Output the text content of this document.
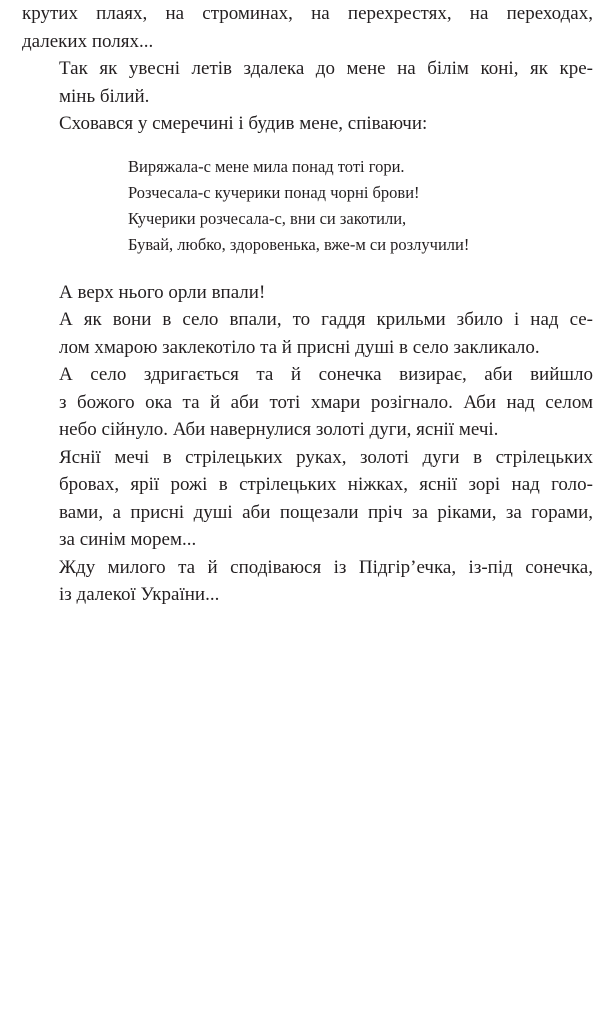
крутих плаях, на строминах, на перехрестях, на переходах,
далеких полях...
Так як увесні летів здалека до мене на білім коні, як кре-
мінь білий.
Сховався у смеречині і будив мене, співаючи:
Виряжала-с мене мила понад тоті гори.
Розчесала-с кучерики понад чорні брови!
Кучерики розчесала-с, вни си закотили,
Бувай, любко, здоровенька, вже-м си розлучили!
А верх нього орли впали!
А як вони в село впали, то гаддя крильми збило і над се-
лом хмарою заклекотіло та й присні душі в село закликало.
А село здригається та й сонечка визирає, аби вийшло
з божого ока та й аби тоті хмари розігнало. Аби над селом
небо сійнуло. Аби навернулися золоті дуги, яснії мечі.
Яснії мечі в стрілецьких руках, золоті дуги в стрілецьких
бровах, ярії рожі в стрілецьких ніжках, яснії зорі над голо-
вами, а присні душі аби пощезали пріч за ріками, за горами,
за синім морем...
Жду милого та й сподіваюся із Підгір’ечка, із-під сонечка,
із далекої України...
